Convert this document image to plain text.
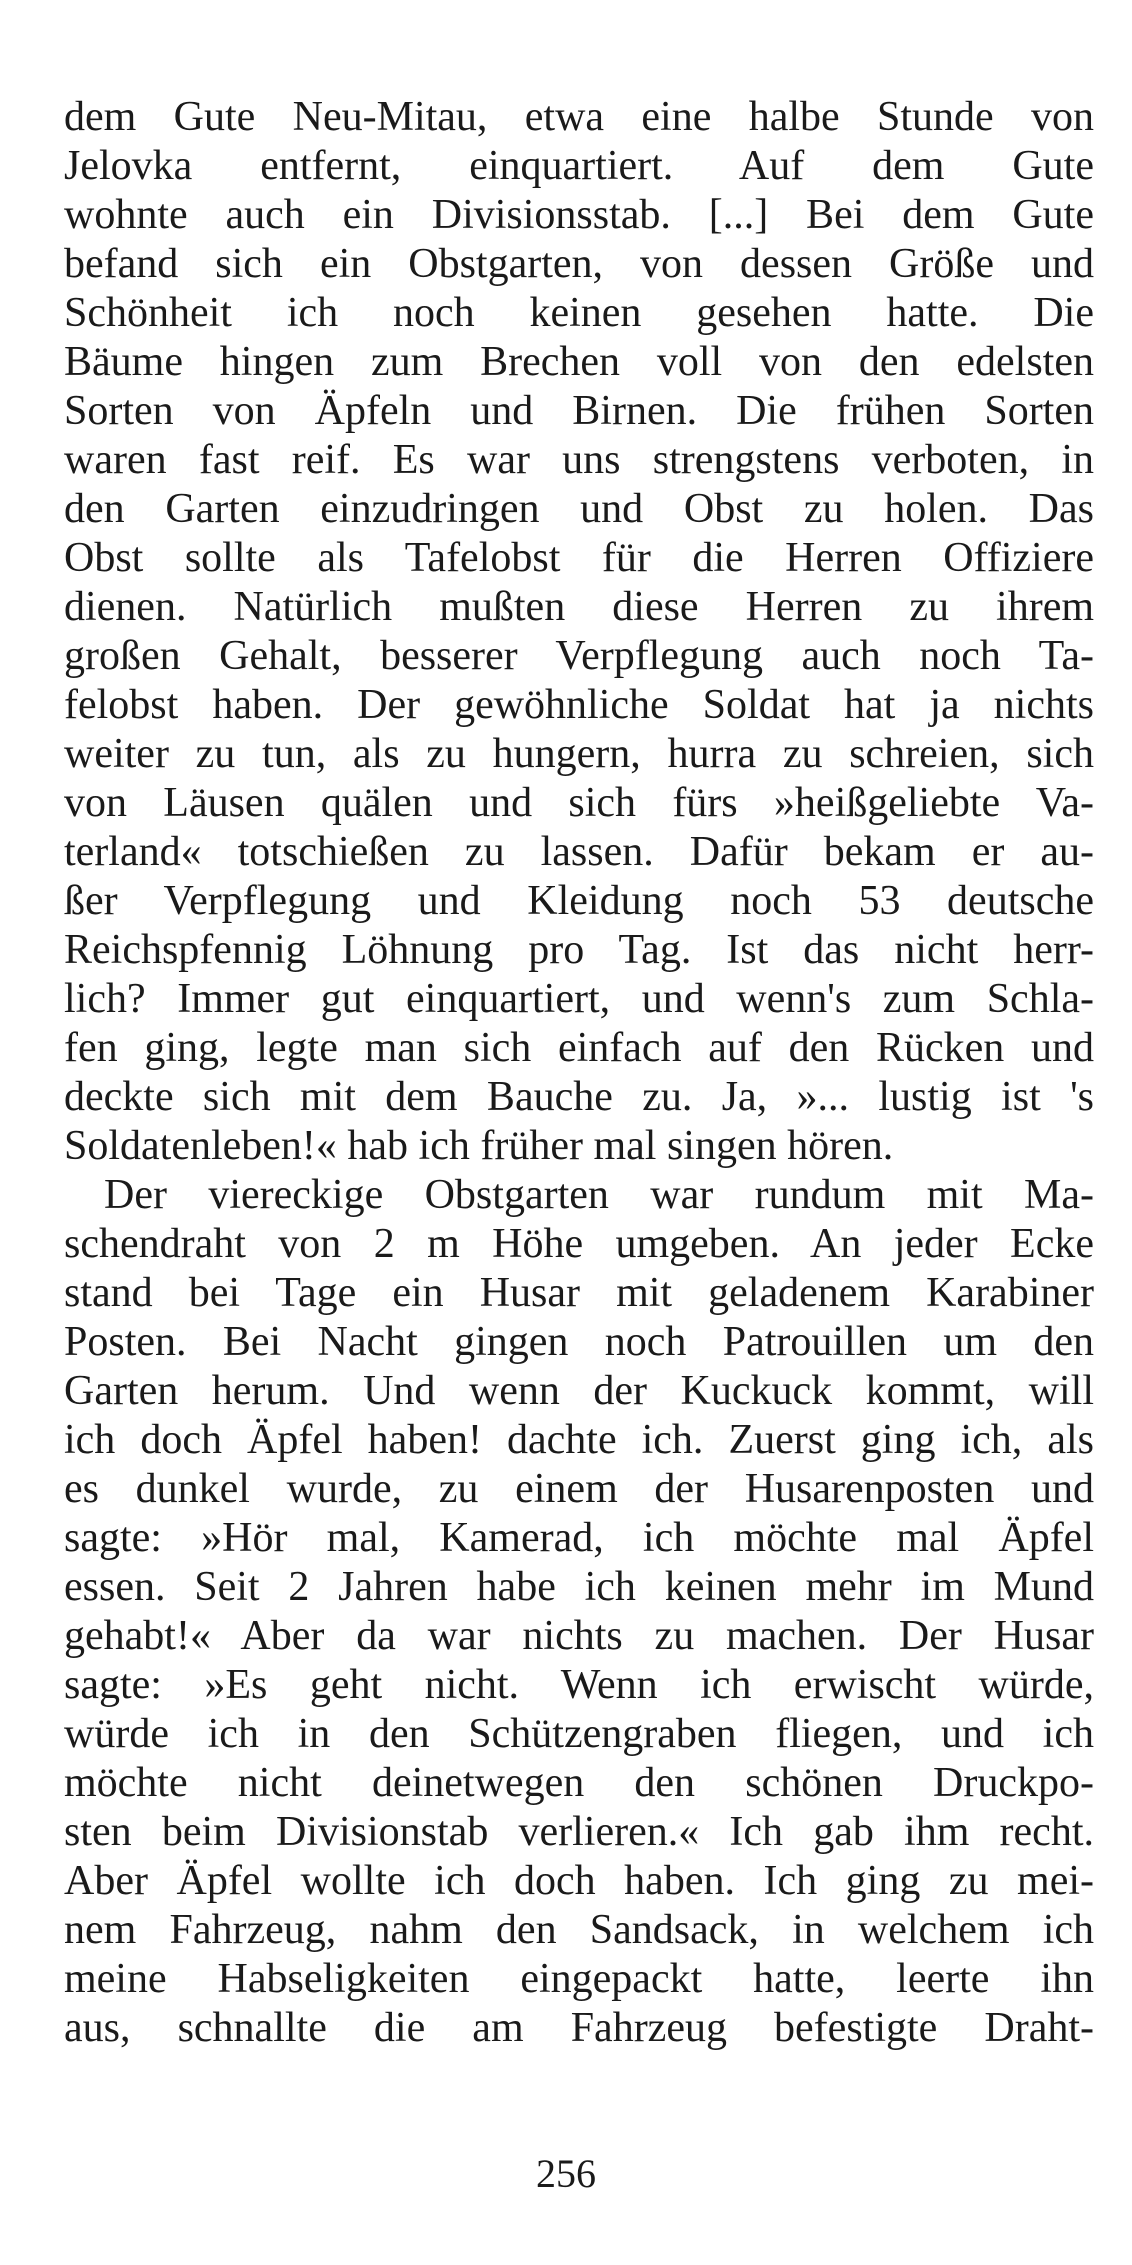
dem Gute Neu-Mitau, etwa eine halbe Stunde von
Jelovka entfernt, einquartiert. Auf dem Gute
wohnte auch ein Divisionsstab. [...] Bei dem Gute
befand sich ein Obstgarten, von dessen Größe und
Schönheit ich noch keinen gesehen hatte. Die
Bäume hingen zum Brechen voll von den edelsten
Sorten von Äpfeln und Birnen. Die frühen Sorten
waren fast reif. Es war uns strengstens verboten, in
den Garten einzudringen und Obst zu holen. Das
Obst sollte als Tafelobst für die Herren Offiziere
dienen. Natürlich mußten diese Herren zu ihrem
großen Gehalt, besserer Verpflegung auch noch Ta-
felobst haben. Der gewöhnliche Soldat hat ja nichts
weiter zu tun, als zu hungern, hurra zu schreien, sich
von Läusen quälen und sich fürs »heißgeliebte Va-
terland« totschießen zu lassen. Dafür bekam er au-
ßer Verpflegung und Kleidung noch 53 deutsche
Reichspfennig Löhnung pro Tag. Ist das nicht herr-
lich? Immer gut einquartiert, und wenn's zum Schla-
fen ging, legte man sich einfach auf den Rücken und
deckte sich mit dem Bauche zu. Ja, »... lustig ist 's
Soldatenleben!« hab ich früher mal singen hören.
Der viereckige Obstgarten war rundum mit Ma-
schendraht von 2 m Höhe umgeben. An jeder Ecke
stand bei Tage ein Husar mit geladenem Karabiner
Posten. Bei Nacht gingen noch Patrouillen um den
Garten herum. Und wenn der Kuckuck kommt, will
ich doch Äpfel haben! dachte ich. Zuerst ging ich, als
es dunkel wurde, zu einem der Husarenposten und
sagte: »Hör mal, Kamerad, ich möchte mal Äpfel
essen. Seit 2 Jahren habe ich keinen mehr im Mund
gehabt!« Aber da war nichts zu machen. Der Husar
sagte: »Es geht nicht. Wenn ich erwischt würde,
würde ich in den Schützengraben fliegen, und ich
möchte nicht deinetwegen den schönen Druckpo-
sten beim Divisionstab verlieren.« Ich gab ihm recht.
Aber Äpfel wollte ich doch haben. Ich ging zu mei-
nem Fahrzeug, nahm den Sandsack, in welchem ich
meine Habseligkeiten eingepackt hatte, leerte ihn
aus, schnallte die am Fahrzeug befestigte Draht-
256
